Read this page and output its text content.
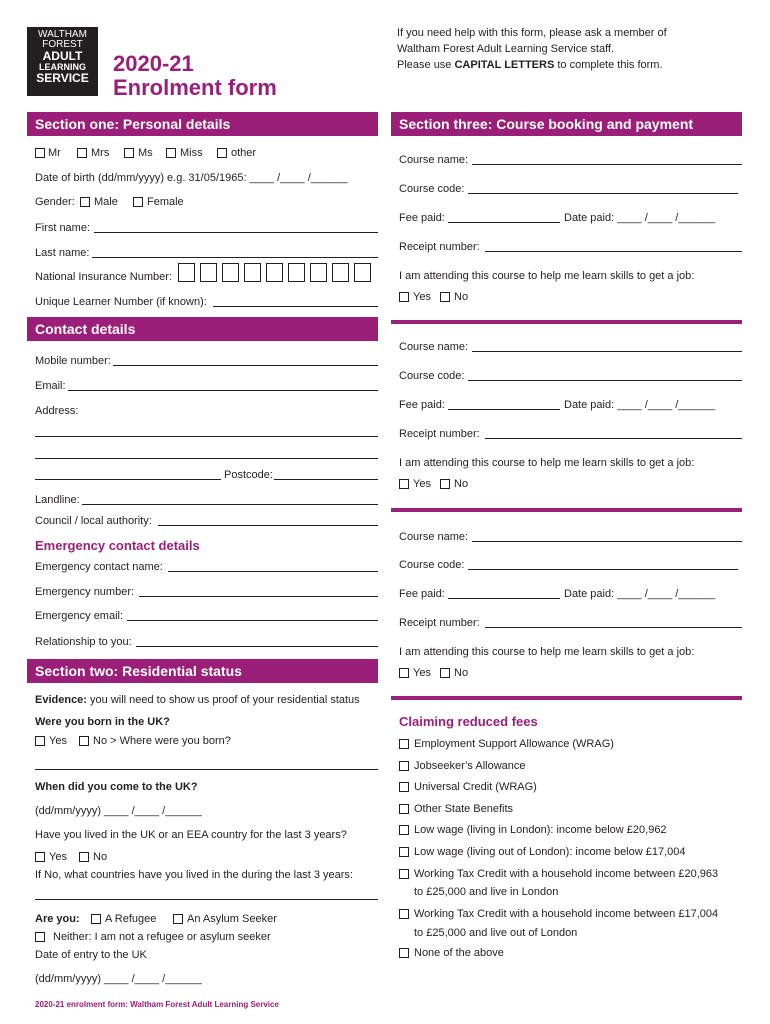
WALTHAM
FOREST
ADULT
LEARNING
SERVICE
2020-21
Enrolment form
If you need help with this form, please ask a member of
Waltham Forest Adult Learning Service staff.
Please use CAPITAL LETTERS to complete this form.
Section one: Personal details
Mr	Mrs	Ms Miss	other
Date of birth (dd/mm/yyyy) e.g. 31/05/1965: ____ /____ /______
Gender: Male	Female
First name:
Last name:
National Insurance Number:
Unique Learner Number (if known):
Contact details
Mobile number:
Email:
Address:
Postcode:
Landline:
Council / local authority:
Emergency contact details
Emergency contact name:
Emergency number:
Emergency email:
Relationship to you:
Section two: Residential status
Evidence: you will need to show us proof of your residential status
Were you born in the UK?
Yes No > Where were you born?
When did you come to the UK?
(dd/mm/yyyy) ____ /____ /______
Have you lived in the UK or an EEA country for the last 3 years?
Yes No
If No, what countries have you lived in the during the last 3 years:
Are you: A Refugee	An Asylum Seeker
Neither: I am not a refugee or asylum seeker
Date of entry to the UK
(dd/mm/yyyy) ____ /____ /______
2020-21 enrolment form: Waltham Forest Adult Learning Service
Section three: Course booking and payment
Course name:
Course code:
Fee paid:	Date paid: ____ /____ /______
Receipt number:
I am attending this course to help me learn skills to get a job:
Yes No
Course name:
Course code:
Fee paid:	Date paid: ____ /____ /______
Receipt number:
I am attending this course to help me learn skills to get a job:
Yes No
Course name:
Course code:
Fee paid:	Date paid: ____ /____ /______
Receipt number:
I am attending this course to help me learn skills to get a job:
Yes No
Claiming reduced fees
Employment Support Allowance (WRAG)
Jobseeker’s Allowance
Universal Credit (WRAG)
Other State Benefits
Low wage (living in London): income below £20,962
Low wage (living out of London): income below £17,004
Working Tax Credit with a household income between £20,963
to £25,000 and live in London
Working Tax Credit with a household income between £17,004
to £25,000 and live out of London
None of the above
